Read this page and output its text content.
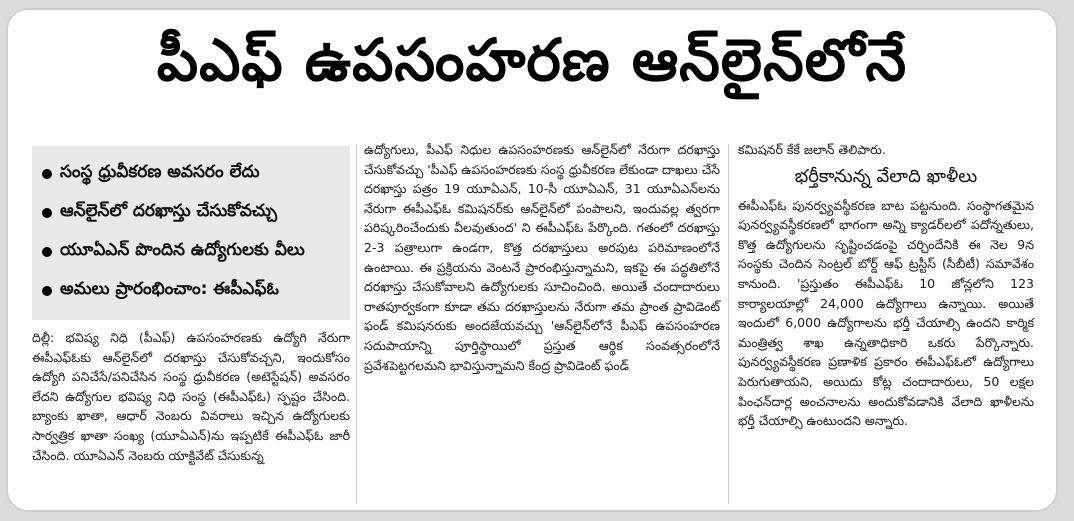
పీఎఫ్ ఉపసంహరణ ఆన్‌లైన్‌లోనే
సంస్థ ధ్రువీకరణ అవసరం లేదు
ఆన్‌లైన్‌లో దరఖాస్తు చేసుకోవచ్చు
యూఏఎన్ పొందిన ఉద్యోగులకు వీలు
అమలు ప్రారంభించాం: ఈపీఎఫ్ఓ

దిల్లీ: భవిష్య నిధి (పీఎఫ్) ఉపసంహరణకు ఉద్యోగి నేరుగా ఈపీఎఫ్ఓకు ఆన్‌లైన్‌లో దరఖాస్తు చేసుకోవచ్చని, ఇందుకోసం ఉద్యోగి పనిచేసే/పనిచేసిన సంస్థ ధ్రువీకరణ (అటెస్టేషన్) అవసరం లేదని ఉద్యోగుల భవిష్య నిధి సంస్థ (ఈపీఎఫ్ఓ) స్పష్టం చేసింది. బ్యాంకు ఖాతా, ఆధార్ నెంబరు వివరాలు ఇచ్చిన ఉద్యోగులకు సార్వత్రిక ఖాతా సంఖ్య (యూఏఎన్)ను ఇప్పటికే ఈపీఎఫ్ఓ జారీ చేసింది. యూఏఎన్ నెంబరు యాక్టివేట్ చేసుకున్న

ఉద్యోగులు, పీఎఫ్ నిధుల ఉపసంహరణకు ఆన్‌లైన్‌లో నేరుగా దరఖాస్తు చేసుకోవచ్చు 'పీఎఫ్ ఉపసంహరణకు సంస్థ ధ్రువీకరణ లేకుండా దాఖలు చేసే దరఖాస్తు పత్రం 19 యూఏఎన్, 10-సీ యూఏఎన్, 31 యూఏఎన్‌లను నేరుగా ఈపీఎఫ్ఓ కమిషనర్‌కు ఆన్‌లైన్‌లో పంపాలని, ఇందువల్ల త్వరగా పరిష్కరించేందుకు వీలవుతుంద' ని ఈపీఎఫ్ఓ పేర్కొంది. గతంలో దరఖాస్తు 2-3 పత్రాలుగా ఉండగా, కొత్త దరఖాస్తులు అరపుట పరిమాణంలోనే ఉంటాయి. ఈ ప్రక్రియను వెంటనే ప్రారంభిస్తున్నామని, ఇకపై ఈ పద్ధతిలోనే దరఖాస్తు చేసుకోవాలని ఉద్యోగులకు సూచించింది. అయితే చందాదారులు రాతపూర్వకంగా కూడా తమ దరఖాస్తులను నేరుగా తమ ప్రాంత ప్రావిడెంట్ ఫండ్ కమిషనరుకు అందజేయవచ్చు 'ఆన్‌లైన్‌లోనే పీఎఫ్ ఉపసంహరణ సదుపాయాన్ని పూర్తిస్థాయిలో ప్రస్తుత ఆర్థిక సంవత్సరంలోనే ప్రవేశపెట్టగలమని భావిస్తున్నామని కేంద్ర ప్రావిడెంట్ ఫండ్

కమిషనర్ కేకే జలాన్ తెలిపారు.

భర్తీకానున్న వేలాది ఖాళీలు

ఈపీఎఫ్ఓ పునర్వ్యవస్థీకరణ బాట పట్టనుంది. సంస్థాగతమైన పునర్వ్యవస్థీకరణలో భాగంగా అన్ని క్యాడర్‌లలో పదోన్నతులు, కొత్త ఉద్యోగులను సృష్టించడంపై చర్చిందేనికి ఈ నెల 9న సంస్థకు చెందిన సెంట్రల్ బోర్డ్ ఆఫ్ ట్రస్టీస్ (సీబీటీ) సమావేశం కానుంది. 'ప్రస్తుతం ఈపీఎఫ్ఓ 10 జోన్లలోని 123 కార్యాలయాల్లో 24,000 ఉద్యోగాలు ఉన్నాయి. అయితే ఇందులో 6,000 ఉద్యోగాలను భర్తీ చేయాల్సి ఉందని కార్మిక మంత్రిత్వ శాఖ ఉన్నతాధికారి ఒకరు పేర్కొన్నారు. పునర్వ్యవస్థీకరణ ప్రణాళిక ప్రకారం ఈపీఎఫ్ఓలో ఉద్యోగాలు పెరుగుతాయని, అయిదు కోట్ల చందాదారులు, 50 లక్షల పింఛన్‌దార్ల అంచనాలను అందుకోవడానికి వేలాది ఖాళీలను భర్తీ చేయాల్సి ఉంటుందని అన్నారు.
